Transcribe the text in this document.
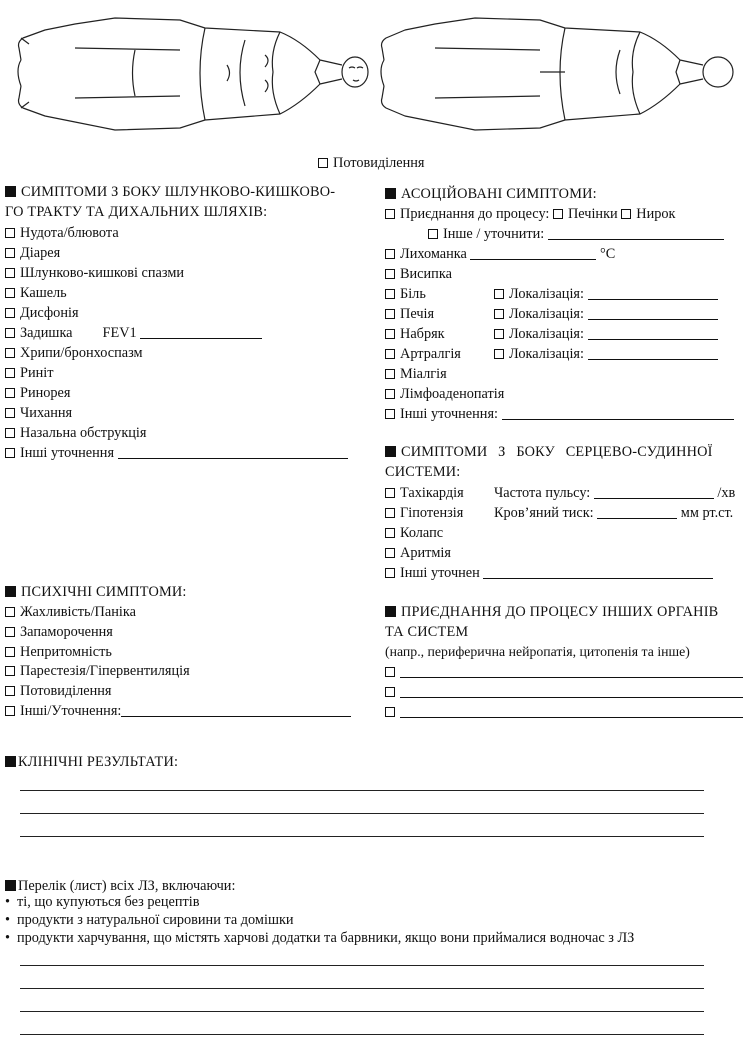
Потовиділення
СИМПТОМИ З БОКУ ШЛУНКОВО-КИШКОВО-
ГО ТРАКТУ ТА ДИХАЛЬНИХ ШЛЯХІВ:
Нудота/блювота
Діарея
Шлунково-кишкові спазми
Кашель
Дисфонія
Задишка FEV1
Хрипи/бронхоспазм
Риніт
Ринорея
Чихання
Назальна обструкція
Інші уточнення
АСОЦІЙОВАНІ СИМПТОМИ:
Приєднання до процесу: Печінки Нирок
Інше / уточнити:
Лихоманка	°C
Висипка
Біль	Локалізація:
Печія	Локалізація:
Набряк	Локалізація:
Артралгія	Локалізація:
Міалгія
Лімфоаденопатія
Інші уточнення:
СИМПТОМИ З БОКУ СЕРЦЕВО-СУДИННОЇ
СИСТЕМИ:
Тахікардія Частота пульсу:	/хв
Гіпотензія Кров’яний тиск:	мм рт.ст.
Колапс
Аритмія
Інші уточнен
ПСИХІЧНІ СИМПТОМИ:
Жахливість/Паніка
Запаморочення
Непритомність
Парестезія/Гіпервентиляція
Потовиділення
Інші/Уточнення:
ПРИЄДНАННЯ ДО ПРОЦЕСУ ІНШИХ ОРГАНІВ
ТА СИСТЕМ
(напр., периферична нейропатія, цитопенія та інше)
КЛІНІЧНІ РЕЗУЛЬТАТИ:
Перелік (лист) всіх ЛЗ, включаючи:
• ті, що купуються без рецептів
• продукти з натуральної сировини та домішки
• продукти харчування, що містять харчові додатки та барвники, якщо вони приймалися водночас з ЛЗ
